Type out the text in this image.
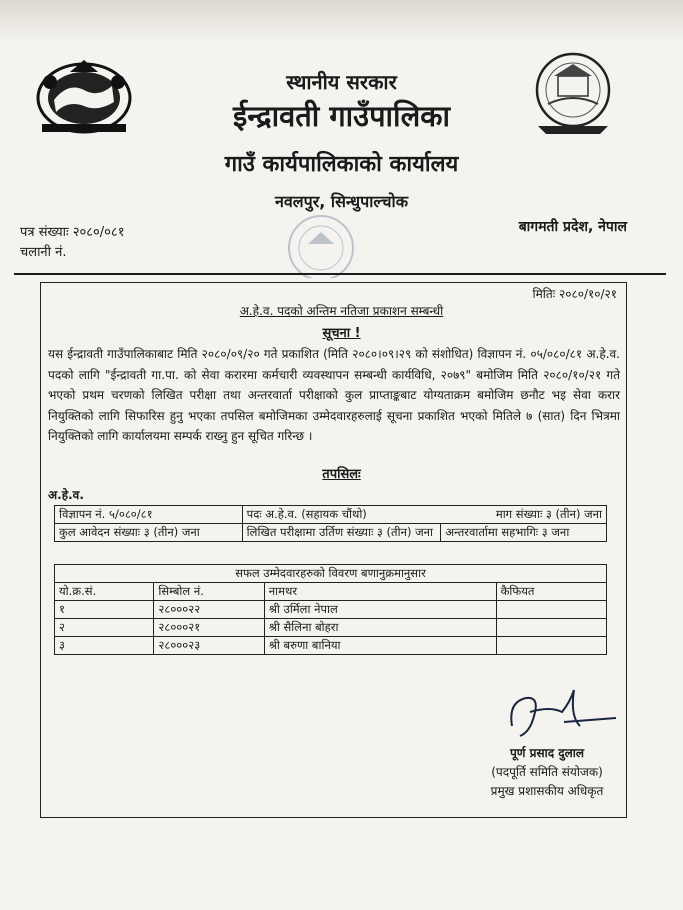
स्थानीय सरकार
ईन्द्रावती गाउँपालिका
गाउँ कार्यपालिकाको कार्यालय
नवलपुर, सिन्धुपाल्चोक
पत्र संख्याः २०८०/०८१
चलानी नं.
बागमती प्रदेश, नेपाल
मितिः २०८०/१०/२१
अ.हे.व. पदको अन्तिम नतिजा प्रकाशन सम्बन्धी
सूचना !
यस ईन्द्रावती गाउँपालिकाबाट मिति २०८०/०९/२० गते प्रकाशित (मिति २०८०।०९।२९ को संशोधित) विज्ञापन नं. ०५/०८०/८१ अ.हे.व. पदको लागि "ईन्द्रावती गा.पा. को सेवा करारमा कर्मचारी व्यवस्थापन सम्बन्धी कार्यविधि, २०७९" बमोजिम मिति २०८०/१०/२१ गते भएको प्रथम चरणको लिखित परीक्षा तथा अन्तरवार्ता परीक्षाको कुल प्राप्ताङ्कबाट योग्यताक्रम बमोजिम छनौट भइ सेवा करार नियुक्तिको लागि सिफारिस हुनु भएका तपसिल बमोजिमका उम्मेदवारहरुलाई सूचना प्रकाशित भएको मितिले ७ (सात) दिन भित्रमा नियुक्तिको लागि कार्यालयमा सम्पर्क राख्नु हुन सूचित गरिन्छ ।
तपसिलः
अ.हे.व.
विज्ञापन नं. ५/०८०/८१	पदः अ.हे.व. (सहायक चौंथो)	माग संख्याः ३ (तीन) जना
कुल आवेदन संख्याः ३ (तीन) जना	लिखित परीक्षामा उर्तिण संख्याः ३ (तीन) जना	अन्तरवार्तामा सहभागिः ३ जना
सफल उम्मेदवारहरुको विवरण बणानुक्रमानुसार			
यो.क्र.सं.	सिम्बोल नं.	नामथर	कैफियत
१	२८०००२२	श्री उर्मिला नेपाल	
२	२८०००२१	श्री सैलिना बोहरा	
३	२८०००२३	श्री बरुणा बानिया	
पूर्ण प्रसाद दुलाल
(पदपूर्ति समिति संयोजक)
प्रमुख प्रशासकीय अधिकृत
